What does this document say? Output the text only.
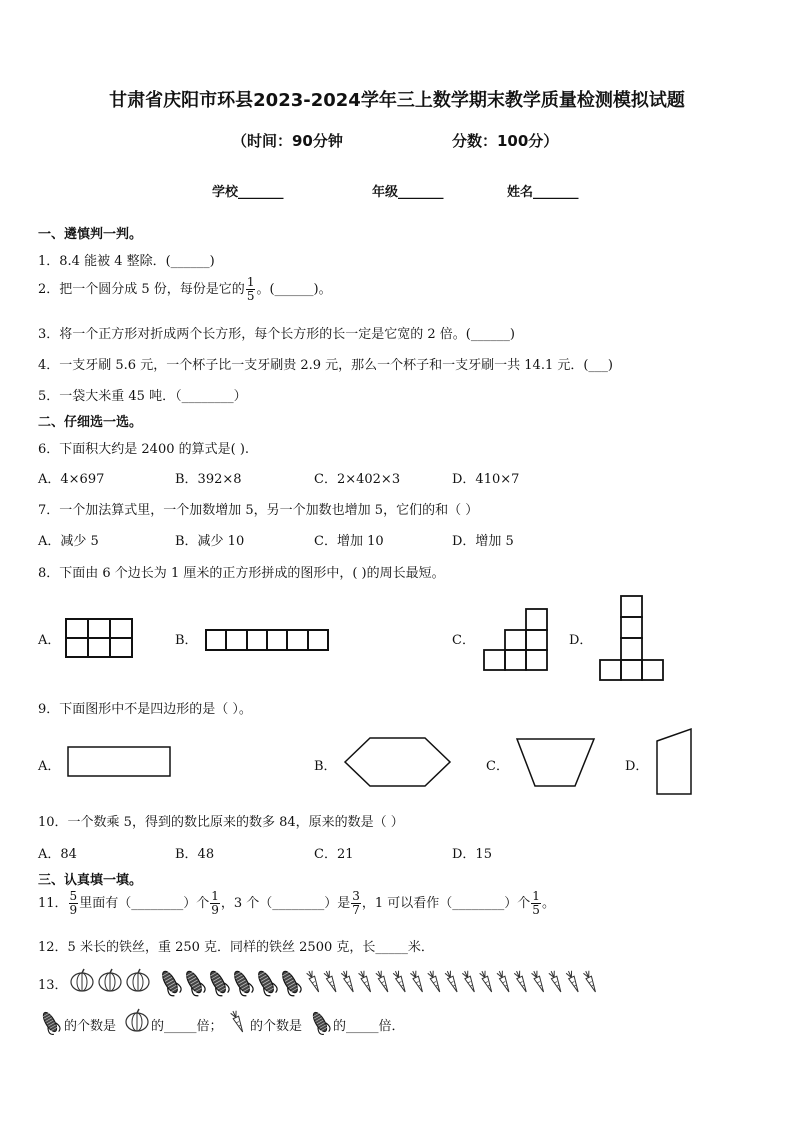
甘肃省庆阳市环县2023-2024学年三上数学期末教学质量检测模拟试题
（时间：90分钟	分数：100分）
学校_______	年级_______	姓名_______
一、遴慎判一判。
1．8.4 能被 4 整除．(______)
2．把一个圆分成 5 份，每份是它的 $\frac{1}{5}$ 。(______)。
3．将一个正方形对折成两个长方形，每个长方形的长一定是它宽的 2 倍。(______)
4．一支牙刷 5.6 元，一个杯子比一支牙刷贵 2.9 元，那么一个杯子和一支牙刷一共 14.1 元．(___)
5．一袋大米重 45 吨．（________）
二、仔细选一选。
6．下面积大约是 2400 的算式是( ).
A．4×697	B．392×8	C．2×402×3	D．410×7
7．一个加法算式里，一个加数增加 5，另一个加数也增加 5，它们的和（ ）
A．减少 5	B．减少 10	C．增加 10	D．增加 5
8．下面由 6 个边长为 1 厘米的正方形拼成的图形中，( )的周长最短。
A．	B．	C．	D．
9．下面图形中不是四边形的是（ ）。
A．	B．	C．	D．
10．一个数乘 5，得到的数比原来的数多 84，原来的数是（ ）
A．84	B．48	C．21	D．15
三、认真填一填。
11． $\frac{5}{9}$ 里面有（________）个 $\frac{1}{9}$ ，3 个（________）是 $\frac{3}{7}$ ，1 可以看作（________）个 $\frac{1}{5}$ 。
12．5 米长的铁丝，重 250 克．同样的铁丝 2500 克，长_____米．
13．
的个数是	的_____倍； 的个数是 的_____倍．
